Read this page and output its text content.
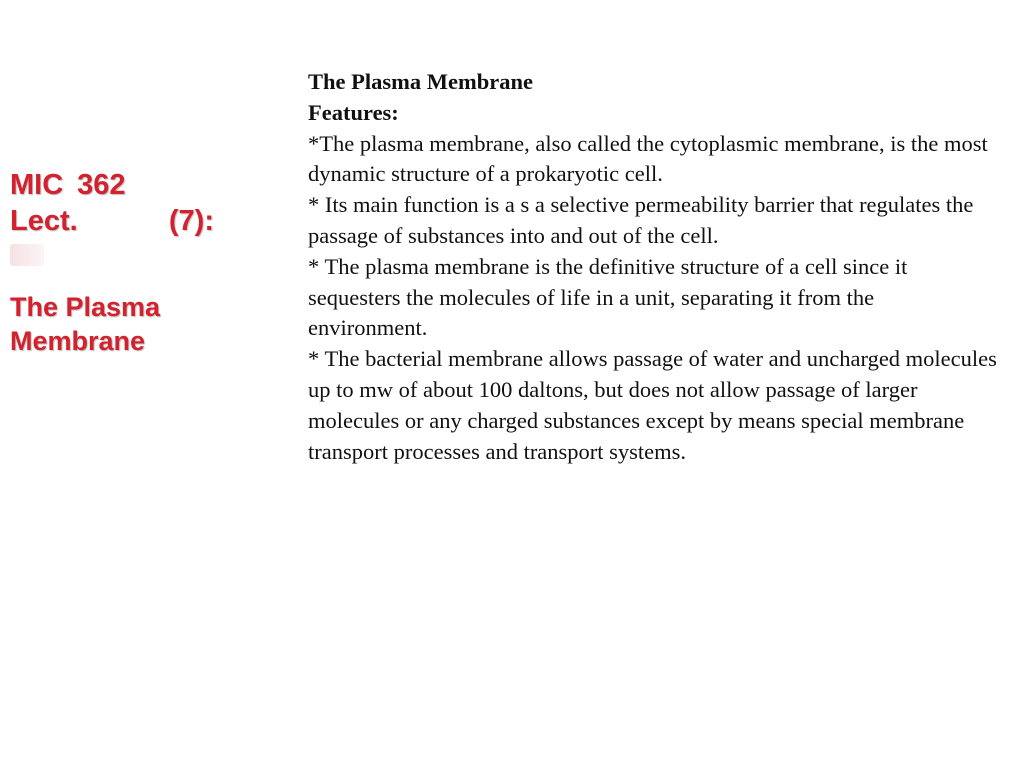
MIC 362
Lect.	(7):
The Plasma Membrane
The Plasma Membrane
Features:
*The plasma membrane, also called the cytoplasmic membrane, is the most dynamic structure of a prokaryotic cell.
* Its main function is a s a selective permeability barrier that regulates the passage of substances into and out of the cell.
* The plasma membrane is the definitive structure of a cell since it sequesters the molecules of life in a unit, separating it from the environment.
* The bacterial membrane allows passage of water and uncharged molecules up to mw of about 100 daltons, but does not allow passage of larger molecules or any charged substances except by means special membrane transport processes and transport systems.
